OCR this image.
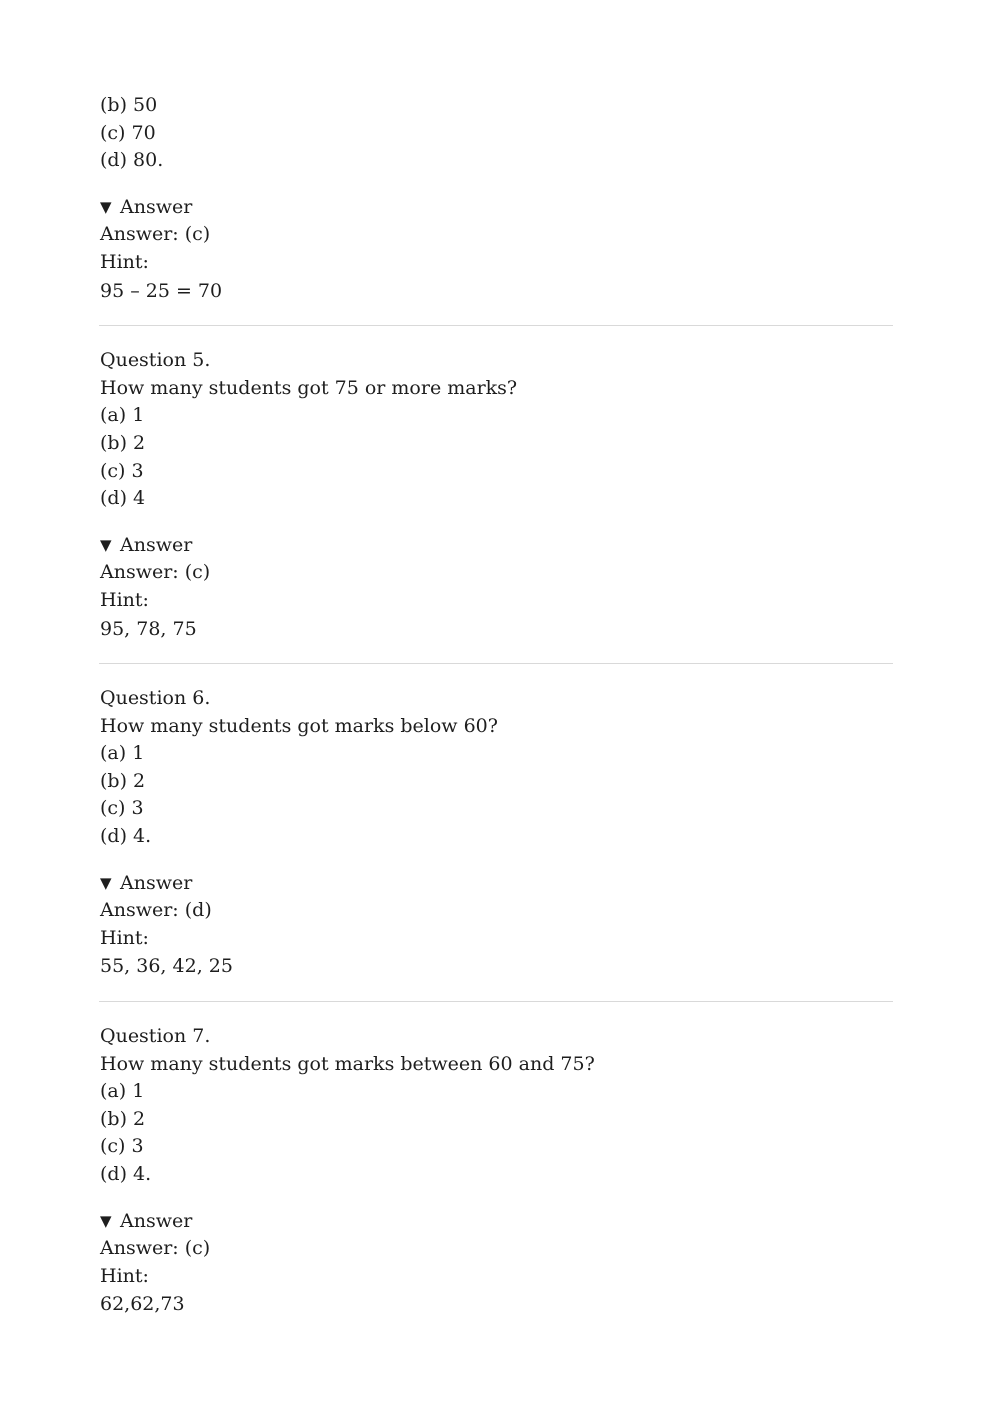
(b) 50
(c) 70
(d) 80.
▼ Answer
Answer: (c)
Hint:
95 – 25 = 70
Question 5.
How many students got 75 or more marks?
(a) 1
(b) 2
(c) 3
(d) 4
▼ Answer
Answer: (c)
Hint:
95, 78, 75
Question 6.
How many students got marks below 60?
(a) 1
(b) 2
(c) 3
(d) 4.
▼ Answer
Answer: (d)
Hint:
55, 36, 42, 25
Question 7.
How many students got marks between 60 and 75?
(a) 1
(b) 2
(c) 3
(d) 4.
▼ Answer
Answer: (c)
Hint:
62,62,73
